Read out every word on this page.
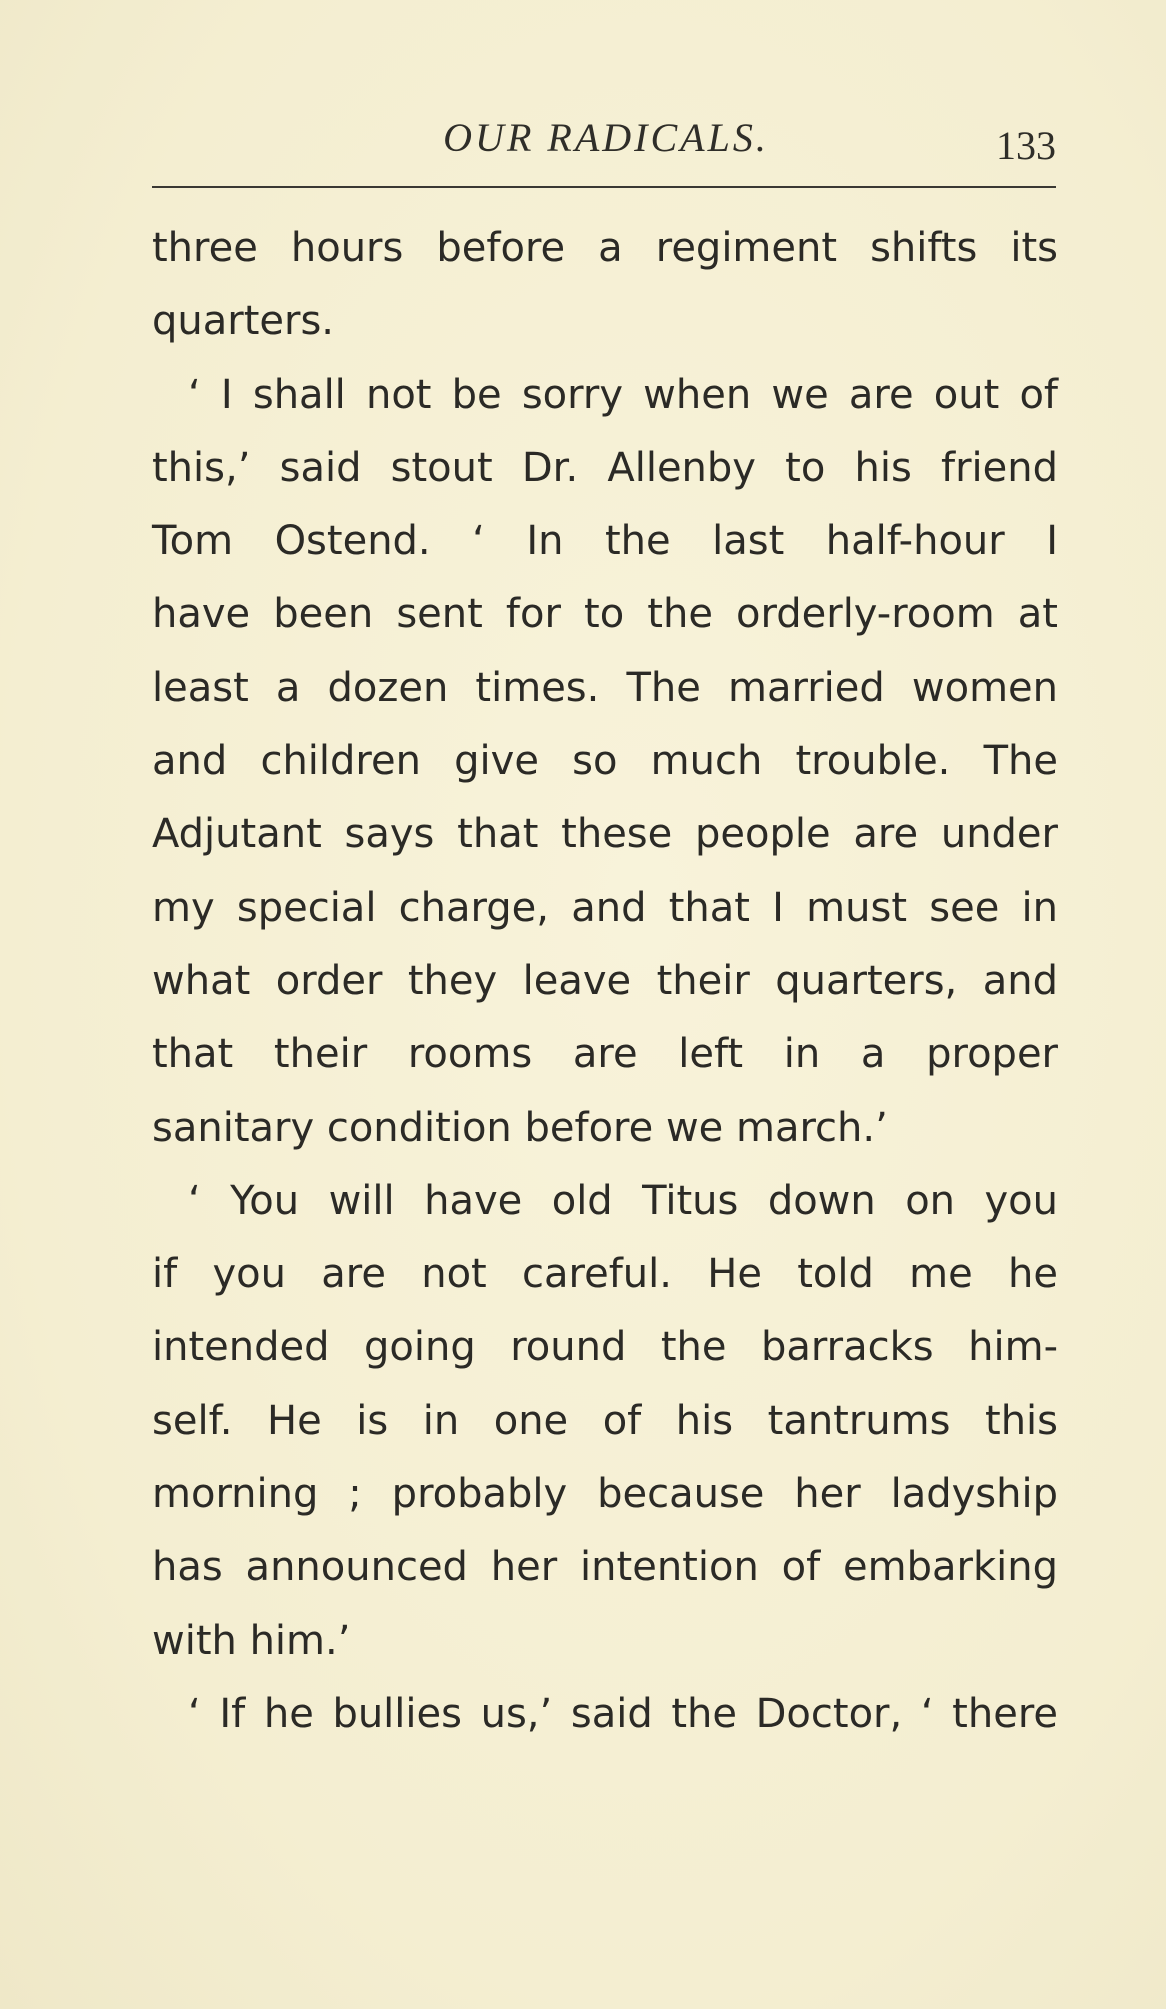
OUR RADICALS.	133
three hours before a regiment shifts its
quarters.
‘ I shall not be sorry when we are out of
this,’ said stout Dr. Allenby to his friend
Tom Ostend. ‘ In the last half-hour I
have been sent for to the orderly-room at
least a dozen times. The married women
and children give so much trouble. The
Adjutant says that these people are under
my special charge, and that I must see in
what order they leave their quarters, and
that their rooms are left in a proper
sanitary condition before we march.’
‘ You will have old Titus down on you
if you are not careful. He told me he
intended going round the barracks him-
self. He is in one of his tantrums this
morning ; probably because her ladyship
has announced her intention of embarking
with him.’
‘ If he bullies us,’ said the Doctor, ‘ there
